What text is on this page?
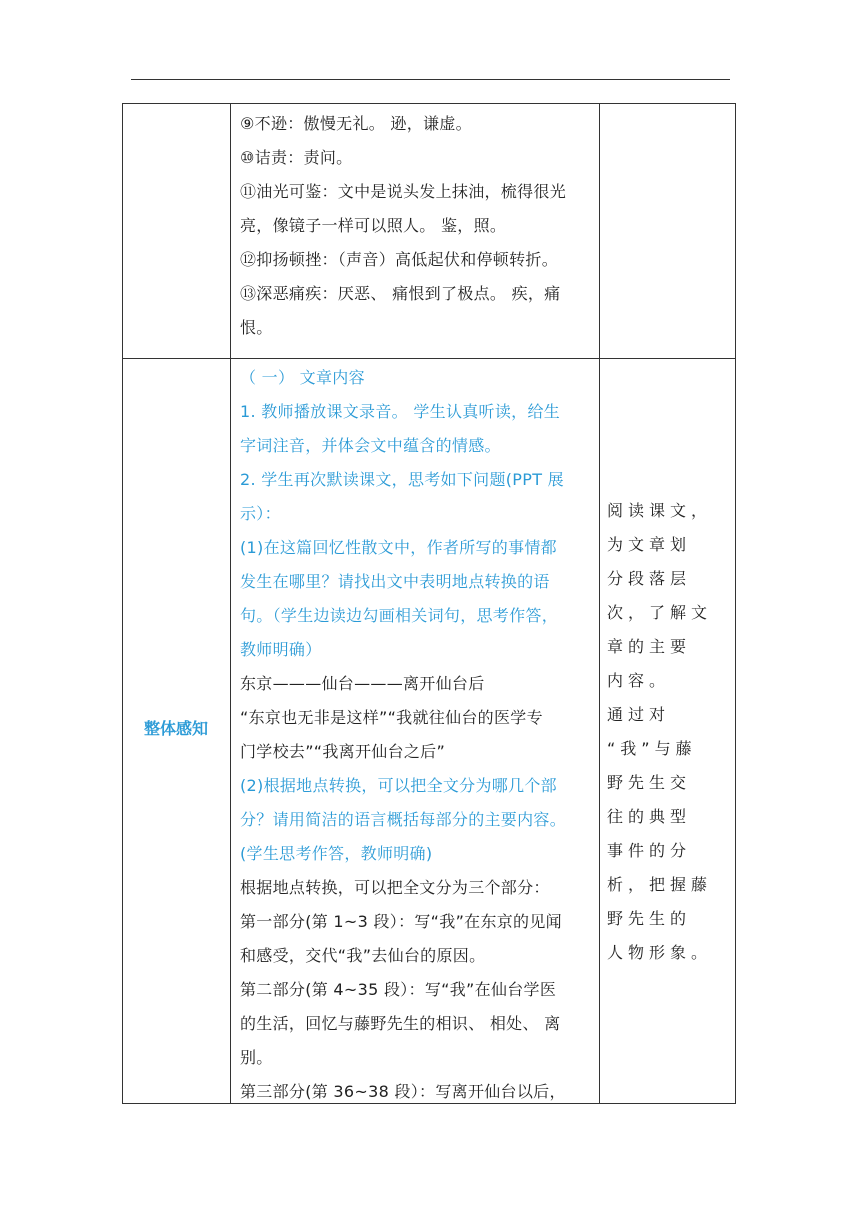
⑨不逊：傲慢无礼。 逊，谦虚。

⑩诘责：责问。

⑪油光可鉴：文中是说头发上抹油，梳得很光

亮，像镜子一样可以照人。 鉴，照。

⑫抑扬顿挫：（声音）高低起伏和停顿转折。

⑬深恶痛疾：厌恶、 痛恨到了极点。 疾，痛

恨。

整体感知

（ 一） 文章内容

1. 教师播放课文录音。 学生认真听读，给生

字词注音，并体会文中蕴含的情感。

2. 学生再次默读课文，思考如下问题(PPT 展

示）：

(1)在这篇回忆性散文中，作者所写的事情都

发生在哪里？请找出文中表明地点转换的语

句。（学生边读边勾画相关词句，思考作答，

教师明确）

东京———仙台———离开仙台后

“东京也无非是这样”“我就往仙台的医学专

门学校去”“我离开仙台之后”

(2)根据地点转换，可以把全文分为哪几个部

分？请用简洁的语言概括每部分的主要内容。

(学生思考作答，教师明确)

根据地点转换，可以把全文分为三个部分：

第一部分(第 1~3 段）：写“我”在东京的见闻

和感受，交代“我”去仙台的原因。

第二部分(第 4~35 段）：写“我”在仙台学医

的生活，回忆与藤野先生的相识、 相处、 离

别。

第三部分(第 36~38 段）：写离开仙台以后，

阅读课文，

为文章划

分段落层

次，了解文

章的主要

内容。

通过对

“我”与藤

野先生交

往的典型

事件的分

析，把握藤

野先生的

人物形象。
